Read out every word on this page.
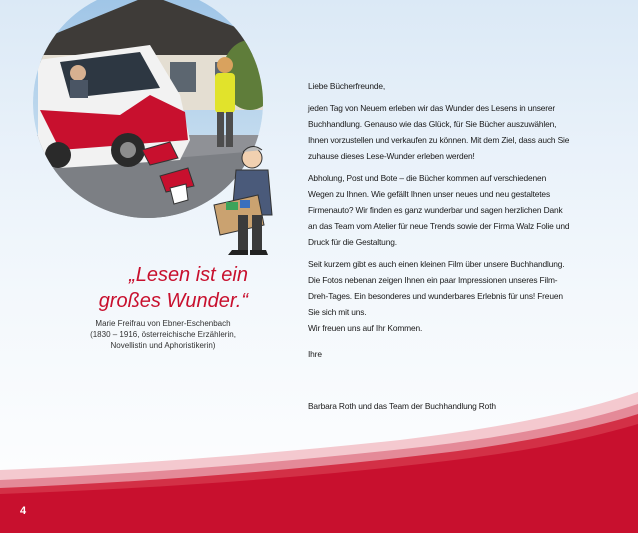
„Lesen ist ein
großes Wunder.“
Marie Freifrau von Ebner-Eschenbach
(1830 – 1916, österreichische Erzählerin,
Novellistin und Aphoristikerin)

Liebe Bücherfreunde,

jeden Tag von Neuem erleben wir das Wunder des Lesens in unserer Buchhandlung. Genauso wie das Glück, für Sie Bücher auszuwählen, Ihnen vorzustellen und verkaufen zu können. Mit dem Ziel, dass auch Sie zuhause dieses Lese-Wunder erleben werden!

Abholung, Post und Bote – die Bücher kommen auf verschiedenen Wegen zu Ihnen. Wie gefällt Ihnen unser neues und neu gestaltetes Firmenauto? Wir finden es ganz wunderbar und sagen herzlichen Dank an das Team vom Atelier für neue Trends sowie der Firma Walz Folie und Druck für die Gestaltung.

Seit kurzem gibt es auch einen kleinen Film über unsere Buchhandlung. Die Fotos nebenan zeigen Ihnen ein paar Impressionen unseres Film-Dreh-Tages. Ein besonderes und wunderbares Erlebnis für uns! Freuen Sie sich mit uns.

Wir freuen uns auf Ihr Kommen.

Ihre

Barbara Roth und das Team der Buchhandlung Roth

4
